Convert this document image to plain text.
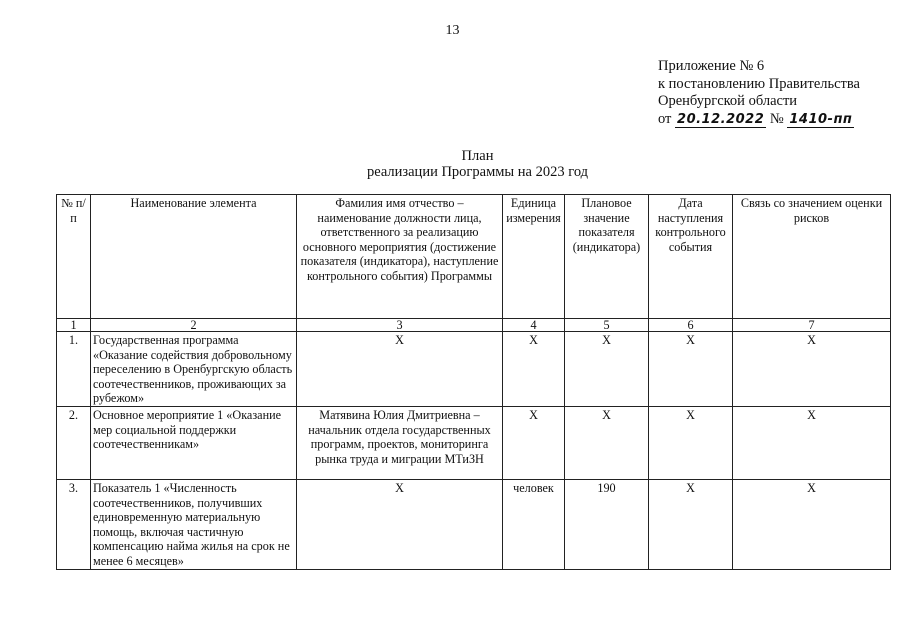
13
Приложение № 6
к постановлению Правительства
Оренбургской области
от 20.12.2022 № 1410-пп
План
реализации Программы на 2023 год
№ п/п	Наименование элемента	Фамилия имя отчество – наименование должности лица, ответственного за реализацию основного мероприятия (достижение показателя (индикатора), наступление контрольного события) Программы	Единица измерения	Плановое значение показателя (индикатора)	Дата наступления контрольного события	Связь со значением оценки рисков
1	2	3	4	5	6	7
1.	Государственная программа «Оказание содействия добровольному переселению в Оренбургскую область соотечественников, проживающих за рубежом»	Х	Х	Х	Х	Х
2.	Основное мероприятие 1 «Оказание мер социальной поддержки соотечественникам»	Матявина Юлия Дмитриевна – начальник отдела государственных программ, проектов, мониторинга рынка труда и миграции МТиЗН	Х	Х	Х	Х
3.	Показатель 1 «Численность соотечественников, получивших единовременную материальную помощь, включая частичную компенсацию найма жилья на срок не менее 6 месяцев»	Х	человек	190	Х	Х
